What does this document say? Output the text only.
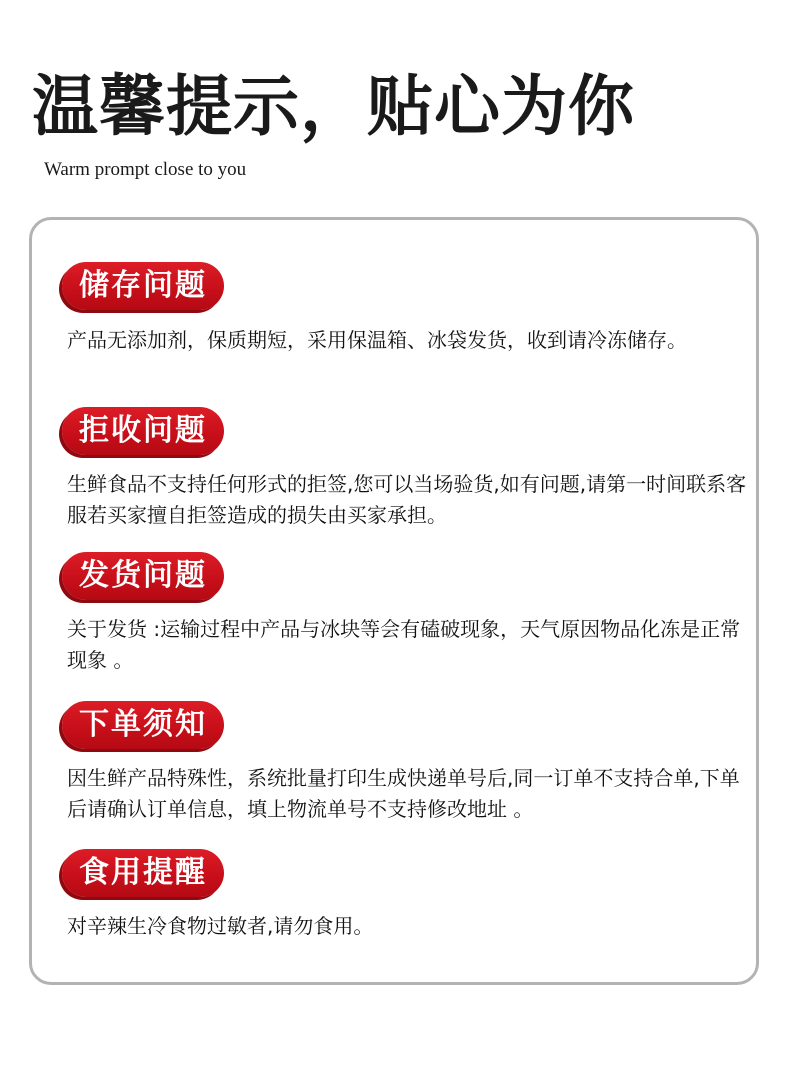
温馨提示，贴心为你
Warm prompt close to you
储存问题

产品无添加剂，保质期短，采用保温箱、冰袋发货，收到请冷冻储存。

拒收问题

生鲜食品不支持任何形式的拒签,您可以当场验货,如有问题,请第一时间联系客服若买家擅自拒签造成的损失由买家承担。

发货问题

关于发货 :运输过程中产品与冰块等会有磕破现象，天气原因物品化冻是正常现象 。

下单须知

因生鲜产品特殊性，系统批量打印生成快递单号后,同一订单不支持合单,下单后请确认订单信息，填上物流单号不支持修改地址 。

食用提醒

对辛辣生冷食物过敏者,请勿食用。
